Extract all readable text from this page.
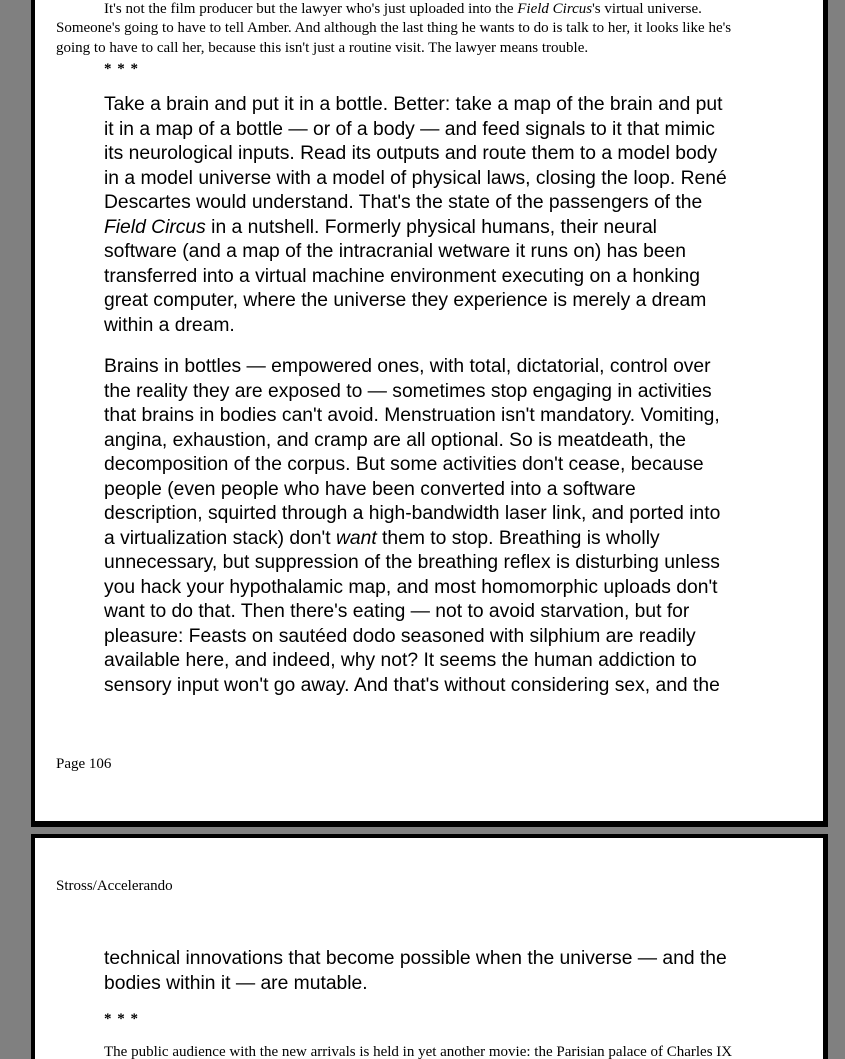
It's not the film producer but the lawyer who's just uploaded into the Field Circus's virtual universe.
Someone's going to have to tell Amber. And although the last thing he wants to do is talk to her, it looks like he's
going to have to call her, because this isn't just a routine visit. The lawyer means trouble.
* * *
Take a brain and put it in a bottle. Better: take a map of the brain and put
it in a map of a bottle — or of a body — and feed signals to it that mimic
its neurological inputs. Read its outputs and route them to a model body
in a model universe with a model of physical laws, closing the loop. René
Descartes would understand. That's the state of the passengers of the
Field Circus in a nutshell. Formerly physical humans, their neural
software (and a map of the intracranial wetware it runs on) has been
transferred into a virtual machine environment executing on a honking
great computer, where the universe they experience is merely a dream
within a dream.
Brains in bottles — empowered ones, with total, dictatorial, control over
the reality they are exposed to — sometimes stop engaging in activities
that brains in bodies can't avoid. Menstruation isn't mandatory. Vomiting,
angina, exhaustion, and cramp are all optional. So is meatdeath, the
decomposition of the corpus. But some activities don't cease, because
people (even people who have been converted into a software
description, squirted through a high-bandwidth laser link, and ported into
a virtualization stack) don't want them to stop. Breathing is wholly
unnecessary, but suppression of the breathing reflex is disturbing unless
you hack your hypothalamic map, and most homomorphic uploads don't
want to do that. Then there's eating — not to avoid starvation, but for
pleasure: Feasts on sautéed dodo seasoned with silphium are readily
available here, and indeed, why not? It seems the human addiction to
sensory input won't go away. And that's without considering sex, and the
Page 106
Stross/Accelerando
technical innovations that become possible when the universe — and the
bodies within it — are mutable.
* * *
The public audience with the new arrivals is held in yet another movie: the Parisian palace of Charles IX
